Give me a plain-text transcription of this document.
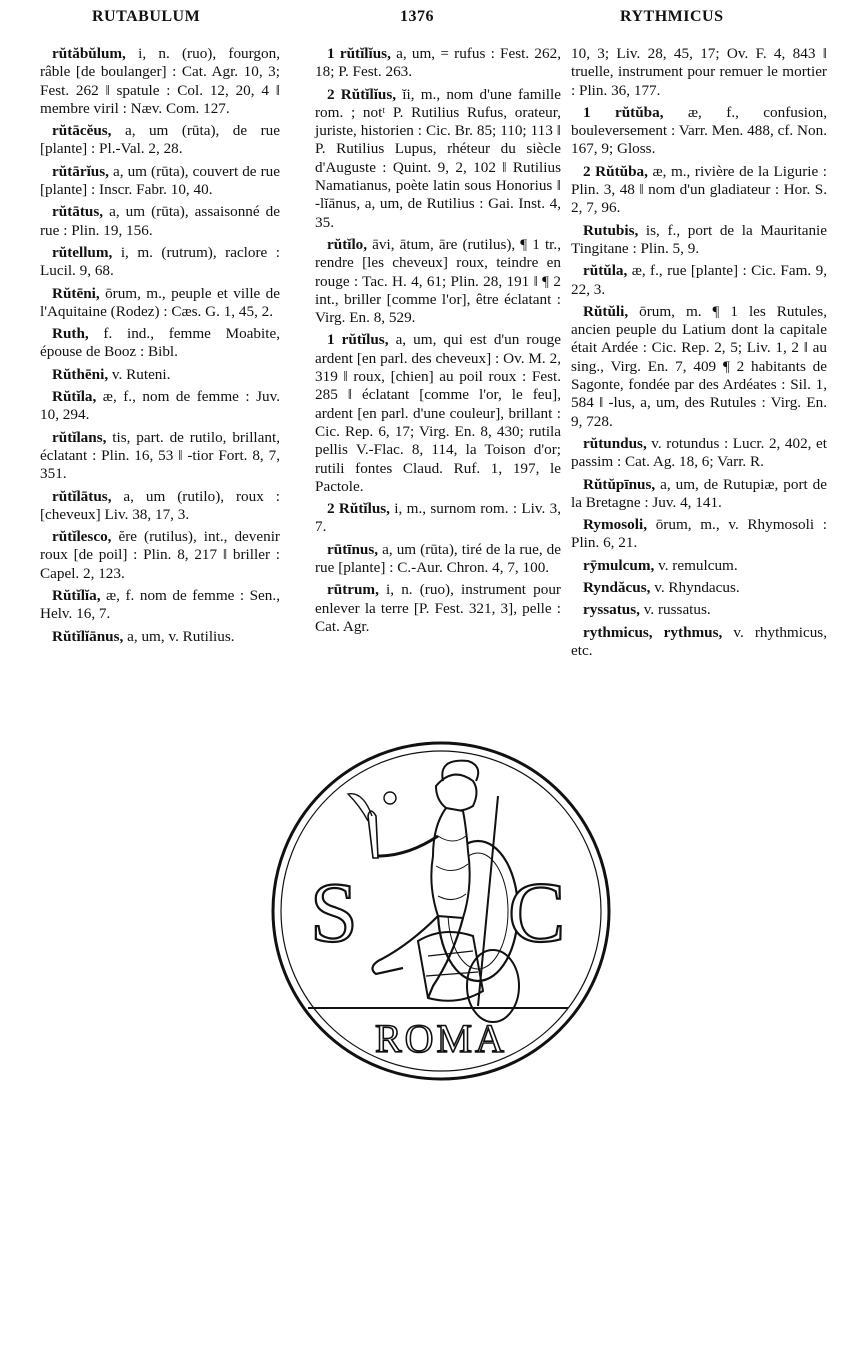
RUTABULUM	1376	RYTHMICUS

rŭtăbŭlum, i, n. (ruo), fourgon, râble [de boulanger] : Cat. Agr. 10, 3; Fest. 262 ‖ spatule : Col. 12, 20, 4 ‖ membre viril : Næv. Com. 127.

rŭtācĕus, a, um (rūta), de rue [plante] : Pl.-Val. 2, 28.

rŭtārĭus, a, um (rūta), couvert de rue [plante] : Inscr. Fabr. 10, 40.

rŭtātus, a, um (rūta), assaisonné de rue : Plin. 19, 156.

rŭtellum, i, m. (rutrum), raclore : Lucil. 9, 68.

Rŭtēni, ōrum, m., peuple et ville de l'Aquitaine (Rodez) : Cæs. G. 1, 45, 2.

Ruth, f. ind., femme Moabite, épouse de Booz : Bibl.

Rŭthēni, v. Ruteni.

Rŭtĭla, æ, f., nom de femme : Juv. 10, 294.

rŭtĭlans, tis, part. de rutilo, brillant, éclatant : Plin. 16, 53 ‖ -tior Fort. 8, 7, 351.

rŭtĭlātus, a, um (rutilo), roux : [cheveux] Liv. 38, 17, 3.

rŭtĭlesco, ĕre (rutilus), int., devenir roux [de poil] : Plin. 8, 217 ‖ briller : Capel. 2, 123.

Rŭtĭlĭa, æ, f. nom de femme : Sen., Helv. 16, 7.

Rŭtĭlĭānus, a, um, v. Rutilius.

1 rŭtĭlĭus, a, um, = rufus : Fest. 262, 18; P. Fest. 263.

2 Rŭtĭlĭus, ĭi, m., nom d'une famille rom. ; notᵗ P. Rutilius Rufus, orateur, juriste, historien : Cic. Br. 85; 110; 113 ‖ P. Rutilius Lupus, rhéteur du siècle d'Auguste : Quint. 9, 2, 102 ‖ Rutilius Namatianus, poète latin sous Honorius ‖ -lĭānus, a, um, de Rutilius : Gai. Inst. 4, 35.

rŭtĭlo, āvi, ātum, āre (rutilus), ¶ 1 tr., rendre [les cheveux] roux, teindre en rouge : Tac. H. 4, 61; Plin. 28, 191 ‖ ¶ 2 int., briller [comme l'or], être éclatant : Virg. En. 8, 529.

1 rŭtĭlus, a, um, qui est d'un rouge ardent [en parl. des cheveux] : Ov. M. 2, 319 ‖ roux, [chien] au poil roux : Fest. 285 ‖ éclatant [comme l'or, le feu], ardent [en parl. d'une couleur], brillant : Cic. Rep. 6, 17; Virg. En. 8, 430; rutila pellis V.-Flac. 8, 114, la Toison d'or; rutili fontes Claud. Ruf. 1, 197, le Pactole.

2 Rŭtĭlus, i, m., surnom rom. : Liv. 3, 7.

rūtīnus, a, um (rūta), tiré de la rue, de rue [plante] : C.-Aur. Chron. 4, 7, 100.

rūtrum, i, n. (ruo), instrument pour enlever la terre [P. Fest. 321, 3], pelle : Cat. Agr.

10, 3; Liv. 28, 45, 17; Ov. F. 4, 843 ‖ truelle, instrument pour remuer le mortier : Plin. 36, 177.

1 rŭtŭba, æ, f., confusion, bouleversement : Varr. Men. 488, cf. Non. 167, 9; Gloss.

2 Rŭtŭba, æ, m., rivière de la Ligurie : Plin. 3, 48 ‖ nom d'un gladiateur : Hor. S. 2, 7, 96.

Rutubis, is, f., port de la Mauritanie Tingitane : Plin. 5, 9.

rŭtŭla, æ, f., rue [plante] : Cic. Fam. 9, 22, 3.

Rŭtŭli, ōrum, m. ¶ 1 les Rutules, ancien peuple du Latium dont la capitale était Ardée : Cic. Rep. 2, 5; Liv. 1, 2 ‖ au sing., Virg. En. 7, 409 ¶ 2 habitants de Sagonte, fondée par des Ardéates : Sil. 1, 584 ‖ -lus, a, um, des Rutules : Virg. En. 9, 728.

rŭtundus, v. rotundus : Lucr. 2, 402, et passim : Cat. Ag. 18, 6; Varr. R.

Rŭtŭpīnus, a, um, de Rutupiæ, port de la Bretagne : Juv. 4, 141.

Rymosoli, ōrum, m., v. Rhymosoli : Plin. 6, 21.

rȳmulcum, v. remulcum.

Ryndăcus, v. Rhyndacus.

ryssatus, v. russatus.

rythmicus, rythmus, v. rhythmicus, etc.

S C
ROMA
